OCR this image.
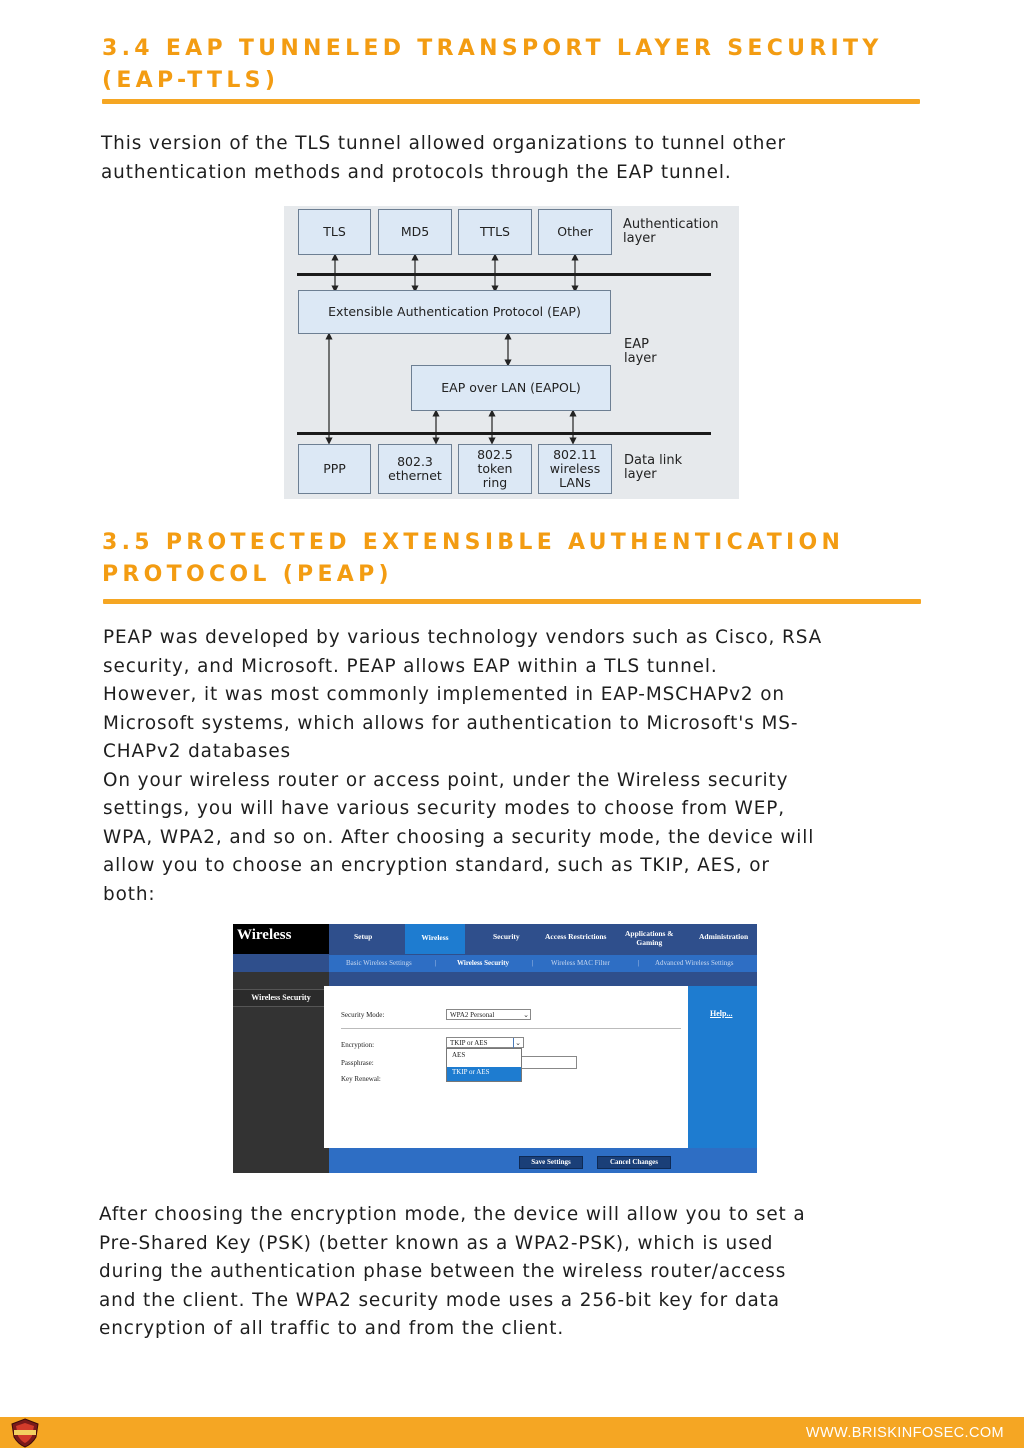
3.4 EAP TUNNELED TRANSPORT LAYER SECURITY
(EAP-TTLS)

This version of the TLS tunnel allowed organizations to tunnel other

authentication methods and protocols through the EAP tunnel.

TLS	MD5	TTLS	Other	Authentication
layer
Extensible Authentication Protocol (EAP)
EAP over LAN (EAPOL)
EAP
layer
PPP	802.3
ethernet
802.5
token
ring
802.11
wireless
LANs
Data link
layer
3.5 PROTECTED EXTENSIBLE AUTHENTICATION
PROTOCOL (PEAP)

PEAP was developed by various technology vendors such as Cisco, RSA

security, and Microsoft. PEAP allows EAP within a TLS tunnel.

However, it was most commonly implemented in EAP-MSCHAPv2 on

Microsoft systems, which allows for authentication to Microsoft's MS-

CHAPv2 databases

On your wireless router or access point, under the Wireless security

settings, you will have various security modes to choose from WEP,

WPA, WPA2, and so on. After choosing a security mode, the device will

allow you to choose an encryption standard, such as TKIP, AES, or

both:

Wireless	Setup	Wireless	Security	Access Restrictions Applications &
Gaming
Administration
Basic Wireless Settings	|	Wireless Security	|	Wireless MAC Filter	| Advanced Wireless Settings
Wireless Security
Security Mode:	WPA2 Personal	⌄
Encryption:	TKIP or AES	⌄
Passphrase:
Key Renewal:
AES
TKIP or AES
Help...
Save Settings	Cancel Changes

After choosing the encryption mode, the device will allow you to set a

Pre-Shared Key (PSK) (better known as a WPA2-PSK), which is used

during the authentication phase between the wireless router/access

and the client. The WPA2 security mode uses a 256-bit key for data

encryption of all traffic to and from the client.

WWW.BRISKINFOSEC.COM
